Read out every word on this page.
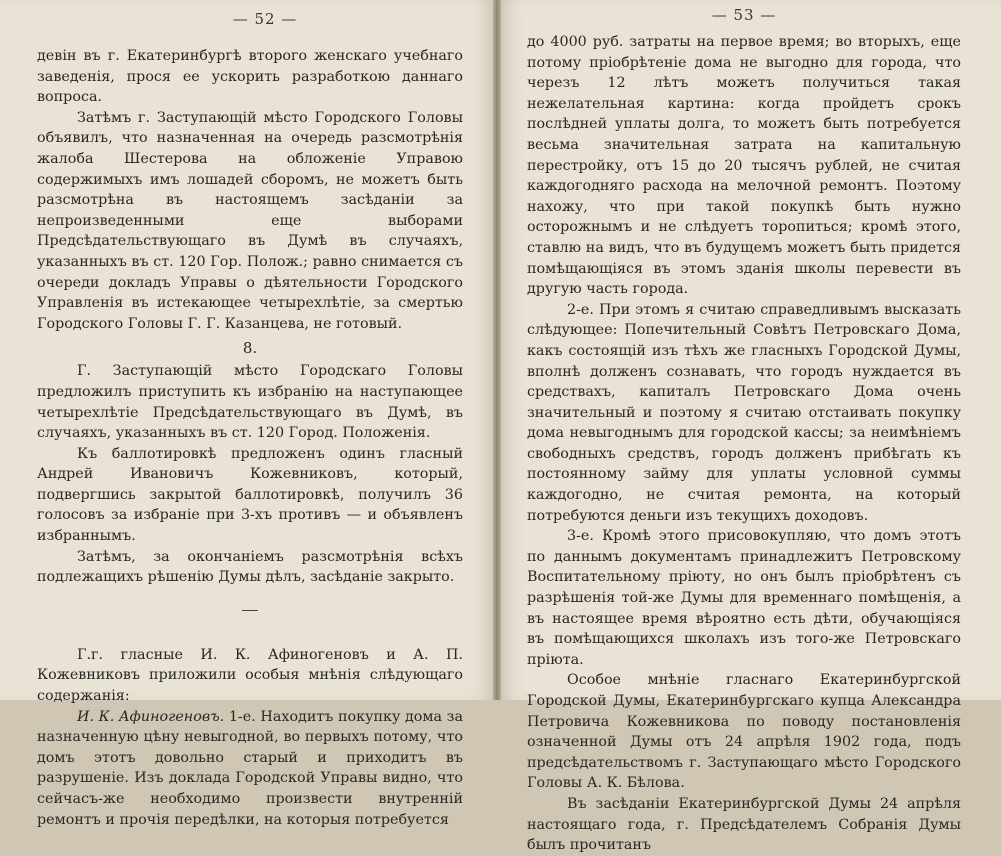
— 52 —

девін въ г. Екатеринбургѣ второго женскаго учебнаго заведенія, прося ее ускорить разработкою даннаго вопроса.

Затѣмъ г. Заступающій мѣсто Городского Головы объявилъ, что назначенная на очередь разсмотрѣнія жалоба Шестерова на обложеніе Управою содержимыхъ имъ лошадей сборомъ, не можетъ быть разсмотрѣна въ настоящемъ засѣданіи за непроизведенными еще выборами Предсѣдательствующаго въ Думѣ въ случаяхъ, указанныхъ въ ст. 120 Гор. Полож.; равно снимается съ очереди докладъ Управы о дѣятельности Городского Управленія въ истекающее четырехлѣтіе, за смертью Городского Головы Г. Г. Казанцева, не готовый.

8.

Г. Заступающій мѣсто Городскаго Головы предложилъ приступить къ избранію на наступающее четырехлѣтіе Предсѣдательствующаго въ Думѣ, въ случаяхъ, указанныхъ въ ст. 120 Город. Положенія.

Къ баллотировкѣ предложенъ одинъ гласный Андрей Ивановичъ Кожевниковъ, который, подвергшись закрытой баллотировкѣ, получилъ 36 голосовъ за избраніе при 3-хъ противъ — и объявленъ избраннымъ.

Затѣмъ, за окончаніемъ разсмотрѣнія всѣхъ подлежащихъ рѣшенію Думы дѣлъ, засѣданіе закрыто.

Г.г. гласные И. К. Афиногеновъ и А. П. Кожевниковъ приложили особыя мнѣнія слѣдующаго содержанія:

И. К. Афиногеновъ. 1-е. Находитъ покупку дома за назначенную цѣну невыгодной, во первыхъ потому, что домъ этотъ довольно старый и приходитъ въ разрушеніе. Изъ доклада Городской Управы видно, что сейчасъ-же необходимо произвести внутренній ремонтъ и прочія передѣлки, на которыя потребуется

— 53 —

до 4000 руб. затраты на первое время; во вторыхъ, еще потому пріобрѣтеніе дома не выгодно для города, что черезъ 12 лѣтъ можетъ получиться такая нежелательная картина: когда пройдетъ срокъ послѣдней уплаты долга, то можетъ быть потребуется весьма значительная затрата на капитальную перестройку, отъ 15 до 20 тысячъ рублей, не считая каждогодняго расхода на мелочной ремонтъ. Поэтому нахожу, что при такой покупкѣ быть нужно осторожнымъ и не слѣдуетъ торопиться; кромѣ этого, ставлю на видъ, что въ будущемъ можетъ быть придется помѣщающіяся въ этомъ зданія школы перевести въ другую часть города.

2-е. При этомъ я считаю справедливымъ высказать слѣдующее: Попечительный Совѣтъ Петровскаго Дома, какъ состоящій изъ тѣхъ же гласныхъ Городской Думы, вполнѣ долженъ сознавать, что городъ нуждается въ средствахъ, капиталъ Петровскаго Дома очень значительный и поэтому я считаю отстаивать покупку дома невыгоднымъ для городской кассы; за неимѣніемъ свободныхъ средствъ, городъ долженъ прибѣгать къ постоянному займу для уплаты условной суммы каждогодно, не считая ремонта, на который потребуются деньги изъ текущихъ доходовъ.

3-е. Кромѣ этого присовокупляю, что домъ этотъ по даннымъ документамъ принадлежитъ Петровскому Воспитательному пріюту, но онъ былъ пріобрѣтенъ съ разрѣшенія той-же Думы для временнаго помѣщенія, а въ настоящее время вѣроятно есть дѣти, обучающіяся въ помѣщающихся школахъ изъ того-же Петровскаго пріюта.

Особое мнѣніе гласнаго Екатеринбургской Городской Думы, Екатеринбургскаго купца Александра Петровича Кожевникова по поводу постановленія означенной Думы отъ 24 апрѣля 1902 года, подъ предсѣдательствомъ г. Заступающаго мѣсто Городского Головы А. К. Бѣлова.

Въ засѣданіи Екатеринбургской Думы 24 апрѣля настоящаго года, г. Предсѣдателемъ Собранія Думы былъ прочитанъ
